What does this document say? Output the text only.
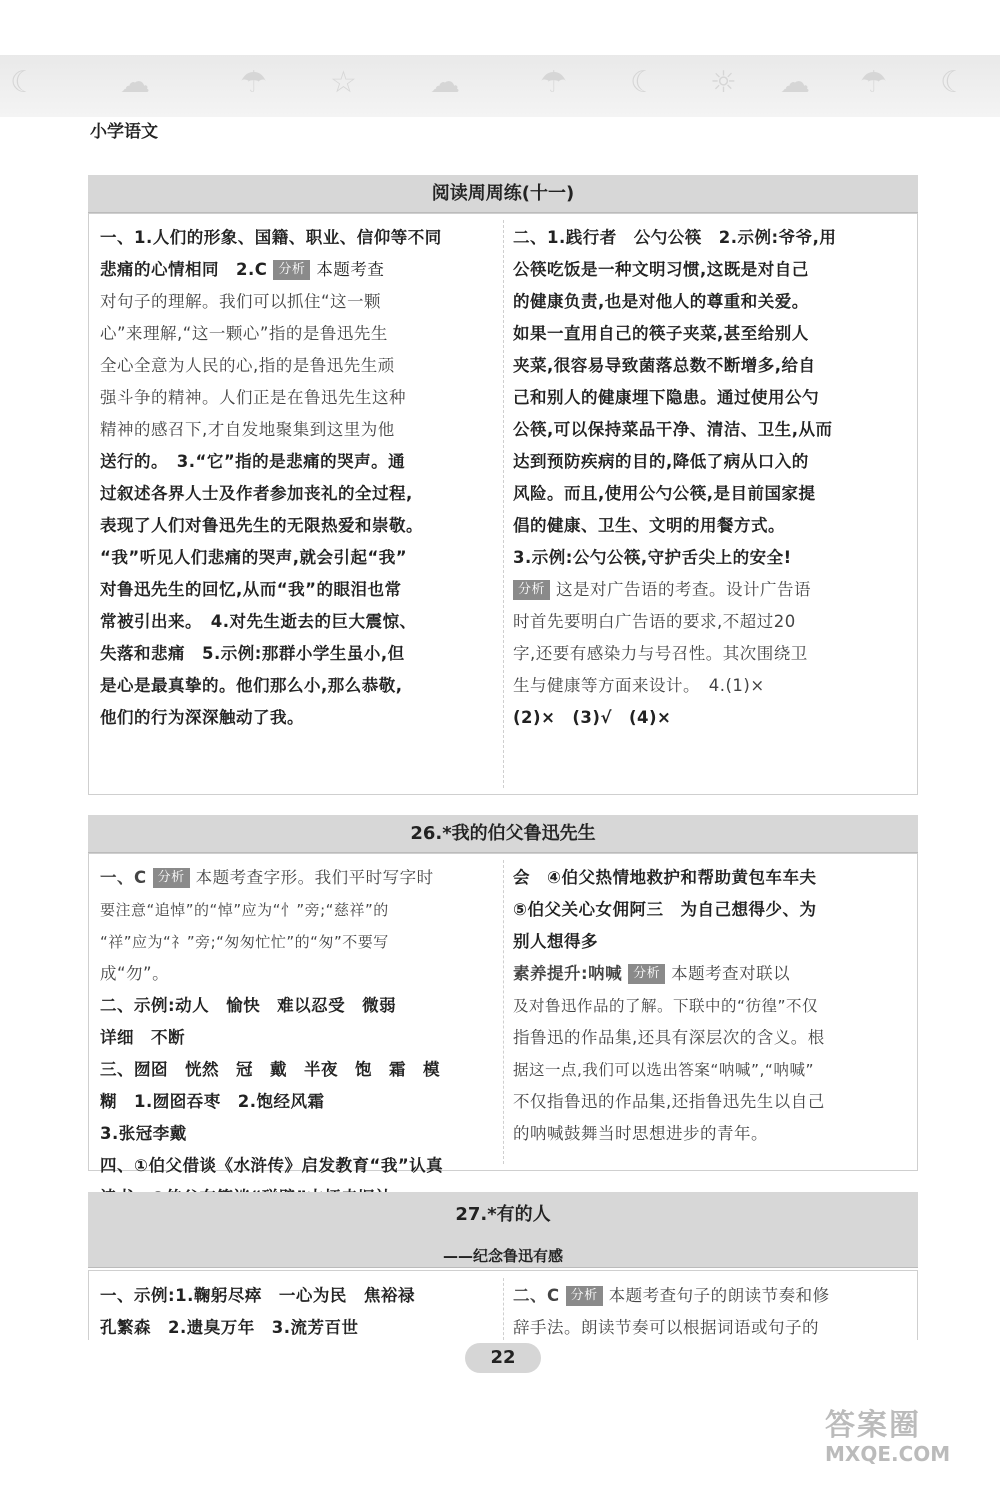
☾	☁	☂ ☆ ☁	☂ ☾ ☼ ☁ ☂ ☾
小学语文
阅读周周练(十一)
一、1.人们的形象、国籍、职业、信仰等不同
悲痛的心情相同　2.C 分析 本题考查
对句子的理解。我们可以抓住“这一颗
心”来理解,“这一颗心”指的是鲁迅先生
全心全意为人民的心,指的是鲁迅先生顽
强斗争的精神。人们正是在鲁迅先生这种
精神的感召下,才自发地聚集到这里为他
送行的。　3.“它”指的是悲痛的哭声。通
过叙述各界人士及作者参加丧礼的全过程,
表现了人们对鲁迅先生的无限热爱和崇敬。
“我”听见人们悲痛的哭声,就会引起“我”
对鲁迅先生的回忆,从而“我”的眼泪也常
常被引出来。　4.对先生逝去的巨大震惊、
失落和悲痛　5.示例:那群小学生虽小,但
是心是最真挚的。他们那么小,那么恭敬,
他们的行为深深触动了我。
二、1.践行者　公勺公筷　2.示例:爷爷,用
公筷吃饭是一种文明习惯,这既是对自己
的健康负责,也是对他人的尊重和关爱。
如果一直用自己的筷子夹菜,甚至给别人
夹菜,很容易导致菌落总数不断增多,给自
己和别人的健康埋下隐患。通过使用公勺
公筷,可以保持菜品干净、清洁、卫生,从而
达到预防疾病的目的,降低了病从口入的
风险。而且,使用公勺公筷,是目前国家提
倡的健康、卫生、文明的用餐方式。
3.示例:公勺公筷,守护舌尖上的安全!
分析 这是对广告语的考查。设计广告语
时首先要明白广告语的要求,不超过20
字,还要有感染力与号召性。其次围绕卫
生与健康等方面来设计。　4.(1)×
(2)×　(3)√　(4)×
26.*我的伯父鲁迅先生
一、C 分析 本题考查字形。我们平时写字时
要注意“追悼”的“悼”应为“忄”旁;“慈祥”的
“祥”应为“礻”旁;“匆匆忙忙”的“匆”不要写
成“勿”。
二、示例:动人　愉快　难以忍受　微弱
详细　不断
三、囫囵　恍然　冠　戴　半夜　饱　霜　模
糊　1.囫囵吞枣　2.饱经风霜
3.张冠李戴
四、①伯父借谈《水浒传》启发教育“我”认真
会　④伯父热情地救护和帮助黄包车车夫
⑤伯父关心女佣阿三　为自己想得少、为
别人想得多
素养提升:呐喊 分析 本题考查对联以
及对鲁迅作品的了解。下联中的“彷徨”不仅
指鲁迅的作品集,还具有深层次的含义。根
据这一点,我们可以选出答案“呐喊”,“呐喊”
不仅指鲁迅的作品集,还指鲁迅先生以自己
的呐喊鼓舞当时思想进步的青年。
27.*有的人
——纪念鲁迅有感
一、示例:1.鞠躬尽瘁　一心为民　焦裕禄
孔繁森　2.遗臭万年　3.流芳百世
二、C 分析 本题考查句子的朗读节奏和修
辞手法。朗读节奏可以根据词语或句子的
22
答案圈
MXQE.COM
